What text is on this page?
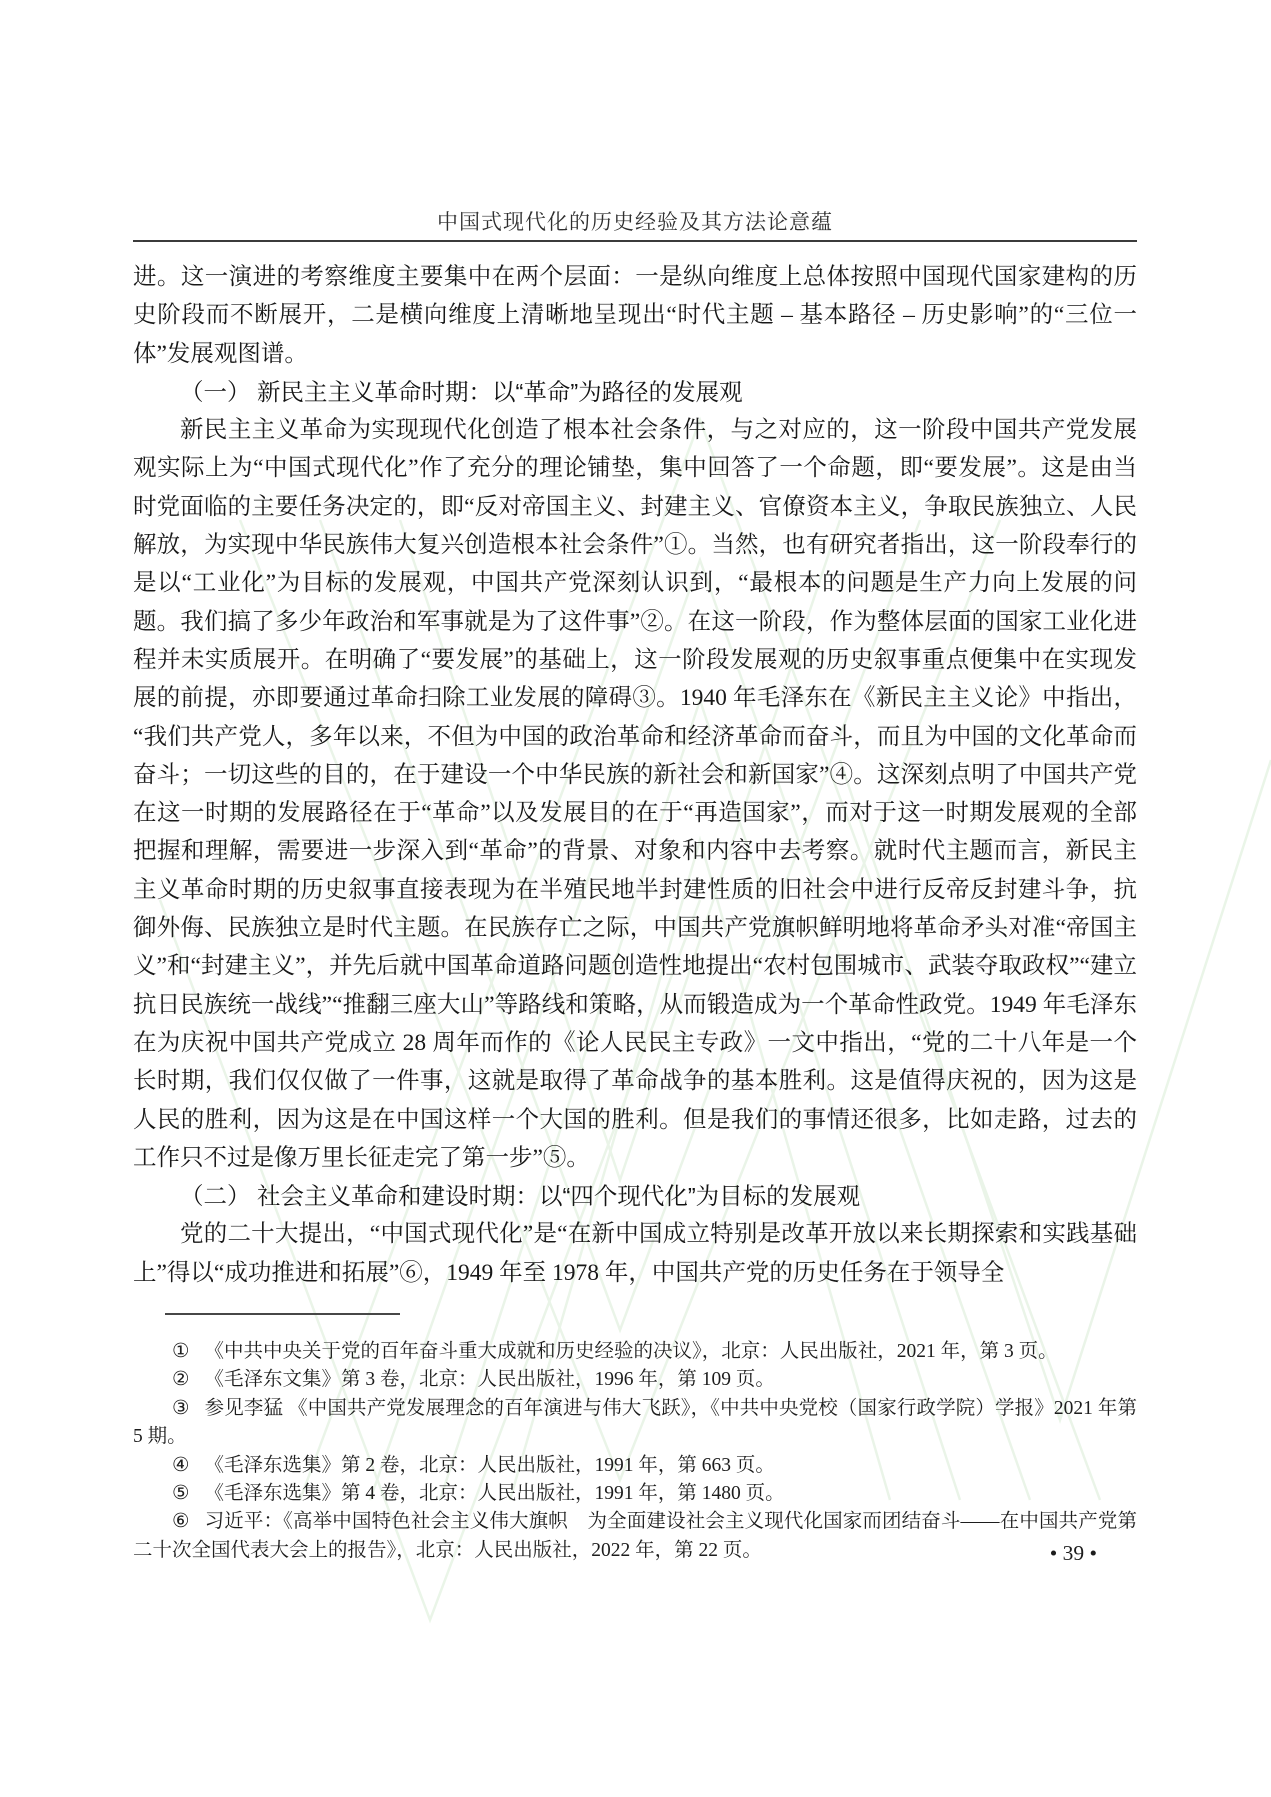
中国式现代化的历史经验及其方法论意蕴

进。这一演进的考察维度主要集中在两个层面：一是纵向维度上总体按照中国现代国家建构的历史阶段而不断展开，二是横向维度上清晰地呈现出“时代主题 – 基本路径 – 历史影响”的“三位一体”发展观图谱。

（一） 新民主主义革命时期：以“革命”为路径的发展观

新民主主义革命为实现现代化创造了根本社会条件，与之对应的，这一阶段中国共产党发展观实际上为“中国式现代化”作了充分的理论铺垫，集中回答了一个命题，即“要发展”。这是由当时党面临的主要任务决定的，即“反对帝国主义、封建主义、官僚资本主义，争取民族独立、人民解放，为实现中华民族伟大复兴创造根本社会条件”①。当然，也有研究者指出，这一阶段奉行的是以“工业化”为目标的发展观，中国共产党深刻认识到，“最根本的问题是生产力向上发展的问题。我们搞了多少年政治和军事就是为了这件事”②。在这一阶段，作为整体层面的国家工业化进程并未实质展开。在明确了“要发展”的基础上，这一阶段发展观的历史叙事重点便集中在实现发展的前提，亦即要通过革命扫除工业发展的障碍③。1940 年毛泽东在《新民主主义论》中指出，“我们共产党人，多年以来，不但为中国的政治革命和经济革命而奋斗，而且为中国的文化革命而奋斗；一切这些的目的，在于建设一个中华民族的新社会和新国家”④。这深刻点明了中国共产党在这一时期的发展路径在于“革命”以及发展目的在于“再造国家”，而对于这一时期发展观的全部把握和理解，需要进一步深入到“革命”的背景、对象和内容中去考察。就时代主题而言，新民主主义革命时期的历史叙事直接表现为在半殖民地半封建性质的旧社会中进行反帝反封建斗争，抗御外侮、民族独立是时代主题。在民族存亡之际，中国共产党旗帜鲜明地将革命矛头对准“帝国主义”和“封建主义”，并先后就中国革命道路问题创造性地提出“农村包围城市、武装夺取政权”“建立抗日民族统一战线”“推翻三座大山”等路线和策略，从而锻造成为一个革命性政党。1949 年毛泽东在为庆祝中国共产党成立 28 周年而作的《论人民民主专政》一文中指出，“党的二十八年是一个长时期，我们仅仅做了一件事，这就是取得了革命战争的基本胜利。这是值得庆祝的，因为这是人民的胜利，因为这是在中国这样一个大国的胜利。但是我们的事情还很多，比如走路，过去的工作只不过是像万里长征走完了第一步”⑤。

（二） 社会主义革命和建设时期：以“四个现代化”为目标的发展观

党的二十大提出，“中国式现代化”是“在新中国成立特别是改革开放以来长期探索和实践基础上”得以“成功推进和拓展”⑥，1949 年至 1978 年，中国共产党的历史任务在于领导全

① 《中共中央关于党的百年奋斗重大成就和历史经验的决议》，北京：人民出版社，2021 年，第 3 页。

② 《毛泽东文集》第 3 卷，北京：人民出版社，1996 年，第 109 页。

③ 参见李猛 《中国共产党发展理念的百年演进与伟大飞跃》，《中共中央党校（国家行政学院）学报》2021 年第 5 期。

④ 《毛泽东选集》第 2 卷，北京：人民出版社，1991 年，第 663 页。

⑤ 《毛泽东选集》第 4 卷，北京：人民出版社，1991 年，第 1480 页。

⑥ 习近平：《高举中国特色社会主义伟大旗帜　为全面建设社会主义现代化国家而团结奋斗——在中国共产党第二十次全国代表大会上的报告》，北京：人民出版社，2022 年，第 22 页。	• 39 •
